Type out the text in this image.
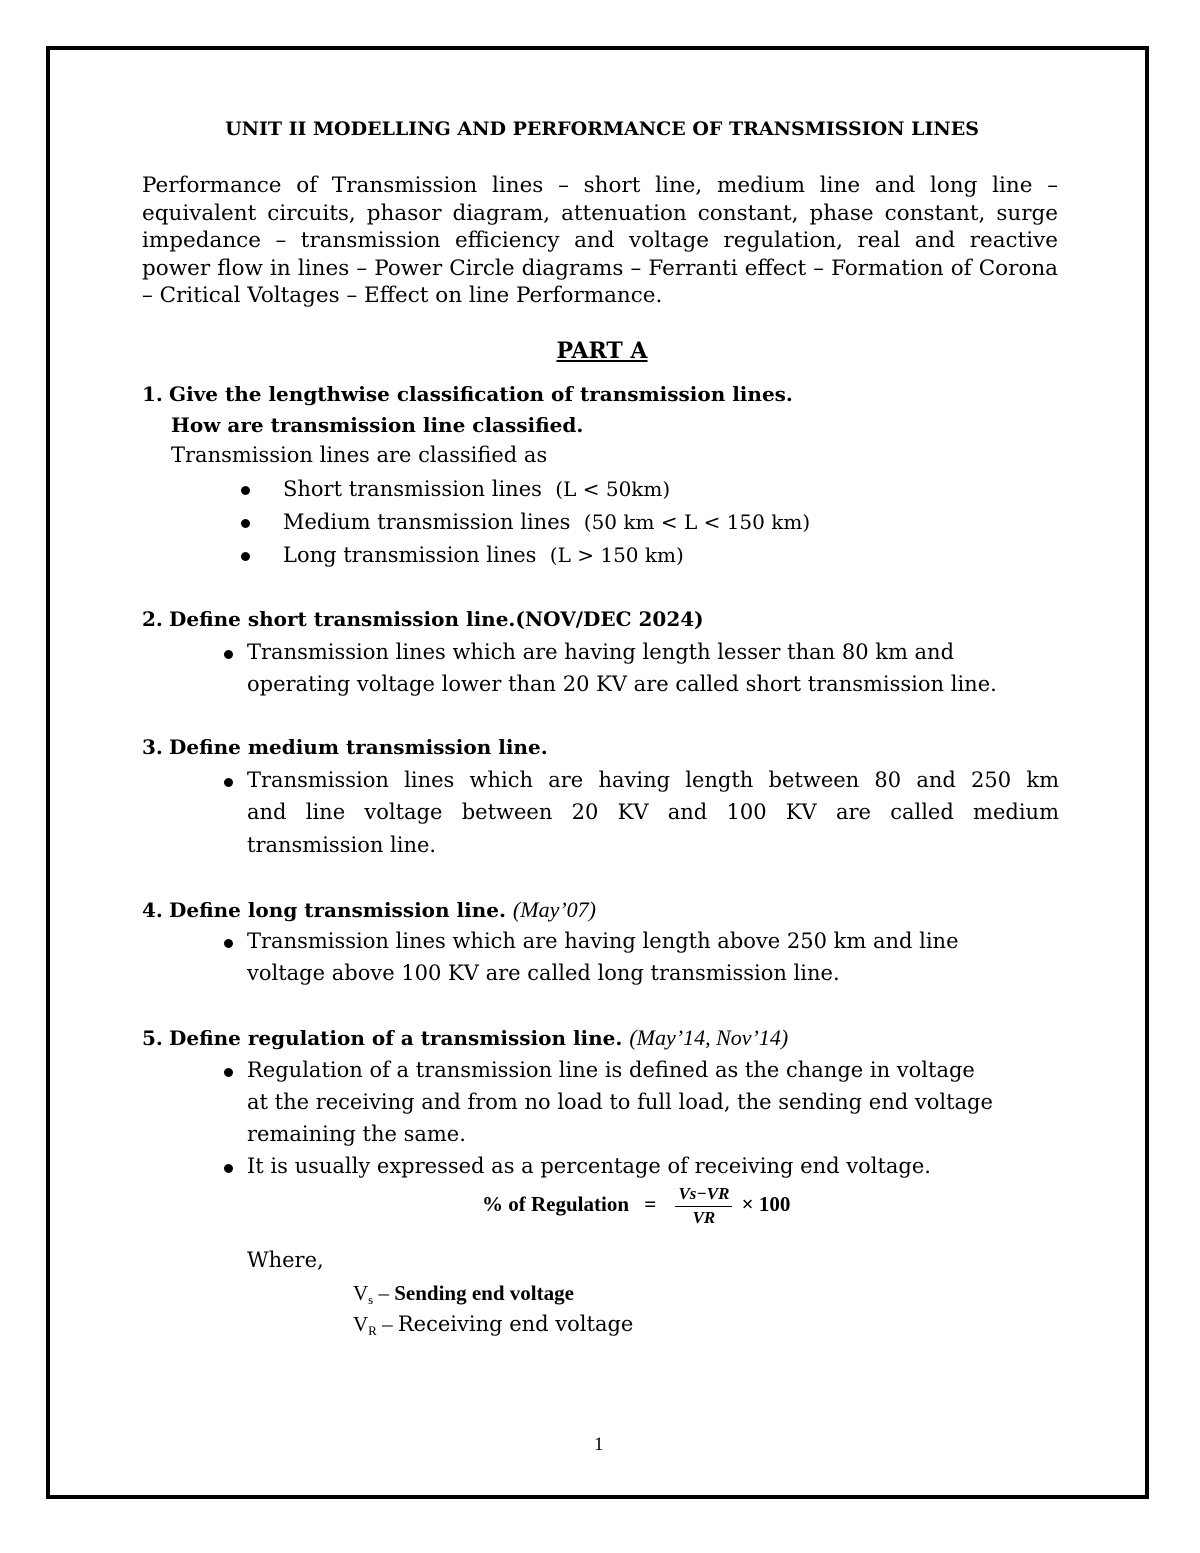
UNIT II MODELLING AND PERFORMANCE OF TRANSMISSION LINES
Performance of Transmission lines – short line, medium line and long line – equivalent circuits, phasor diagram, attenuation constant, phase constant, surge impedance – transmission efficiency and voltage regulation, real and reactive power flow in lines – Power Circle diagrams – Ferranti effect – Formation of Corona – Critical Voltages – Effect on line Performance.
PART A
1. Give the lengthwise classification of transmission lines.
How are transmission line classified.
Transmission lines are classified as
Short transmission lines (L < 50km)
Medium transmission lines (50 km < L < 150 km)
Long transmission lines (L > 150 km)
2. Define short transmission line.(NOV/DEC 2024)
Transmission lines which are having length lesser than 80 km and
operating voltage lower than 20 KV are called short transmission line.
3. Define medium transmission line.
Transmission lines which are having length between 80 and 250 km
and line voltage between 20 KV and 100 KV are called medium
transmission line.
4. Define long transmission line. (May’07)
Transmission lines which are having length above 250 km and line
voltage above 100 KV are called long transmission line.
5. Define regulation of a transmission line. (May’14, Nov’14)
Regulation of a transmission line is defined as the change in voltage
at the receiving and from no load to full load, the sending end voltage
remaining the same.
It is usually expressed as a percentage of receiving end voltage.
% of Regulation = $\frac{Vs-VR}{VR} \times 100$
Where,
$V_s$ – Sending end voltage
$V_R$ – Receiving end voltage
1
